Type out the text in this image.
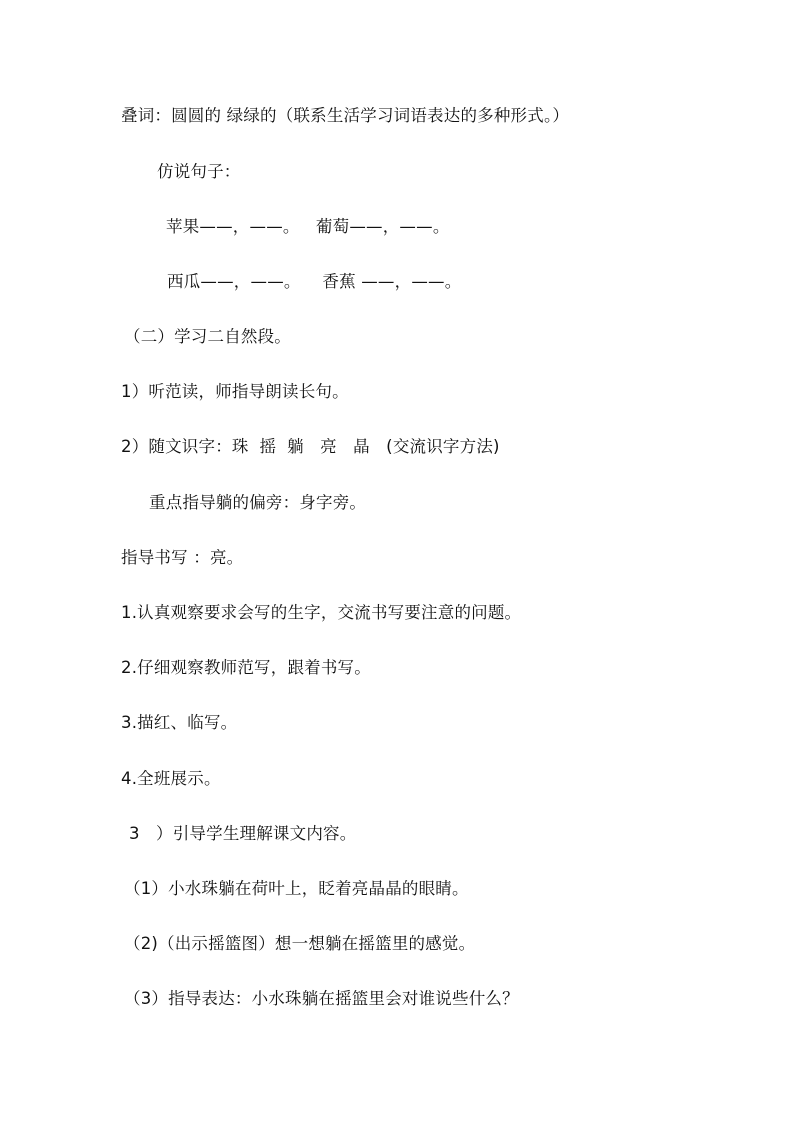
叠词：圆圆的 绿绿的（联系生活学习词语表达的多种形式。）
仿说句子：
苹果——，——。   葡萄——，——。
西瓜——，——。    香蕉 ——，——。
（二）学习二自然段。
1）听范读，师指导朗读长句。
2）随文识字：珠  摇  躺   亮   晶   (交流识字方法)
重点指导躺的偏旁：身字旁。
指导书写 ：亮。
1.认真观察要求会写的生字，交流书写要注意的问题。
2.仔细观察教师范写，跟着书写。
3.描红、临写。
4.全班展示。
3   ）引导学生理解课文内容。
（1）小水珠躺在荷叶上，眨着亮晶晶的眼睛。
（2)（出示摇篮图）想一想躺在摇篮里的感觉。
（3）指导表达：小水珠躺在摇篮里会对谁说些什么？
